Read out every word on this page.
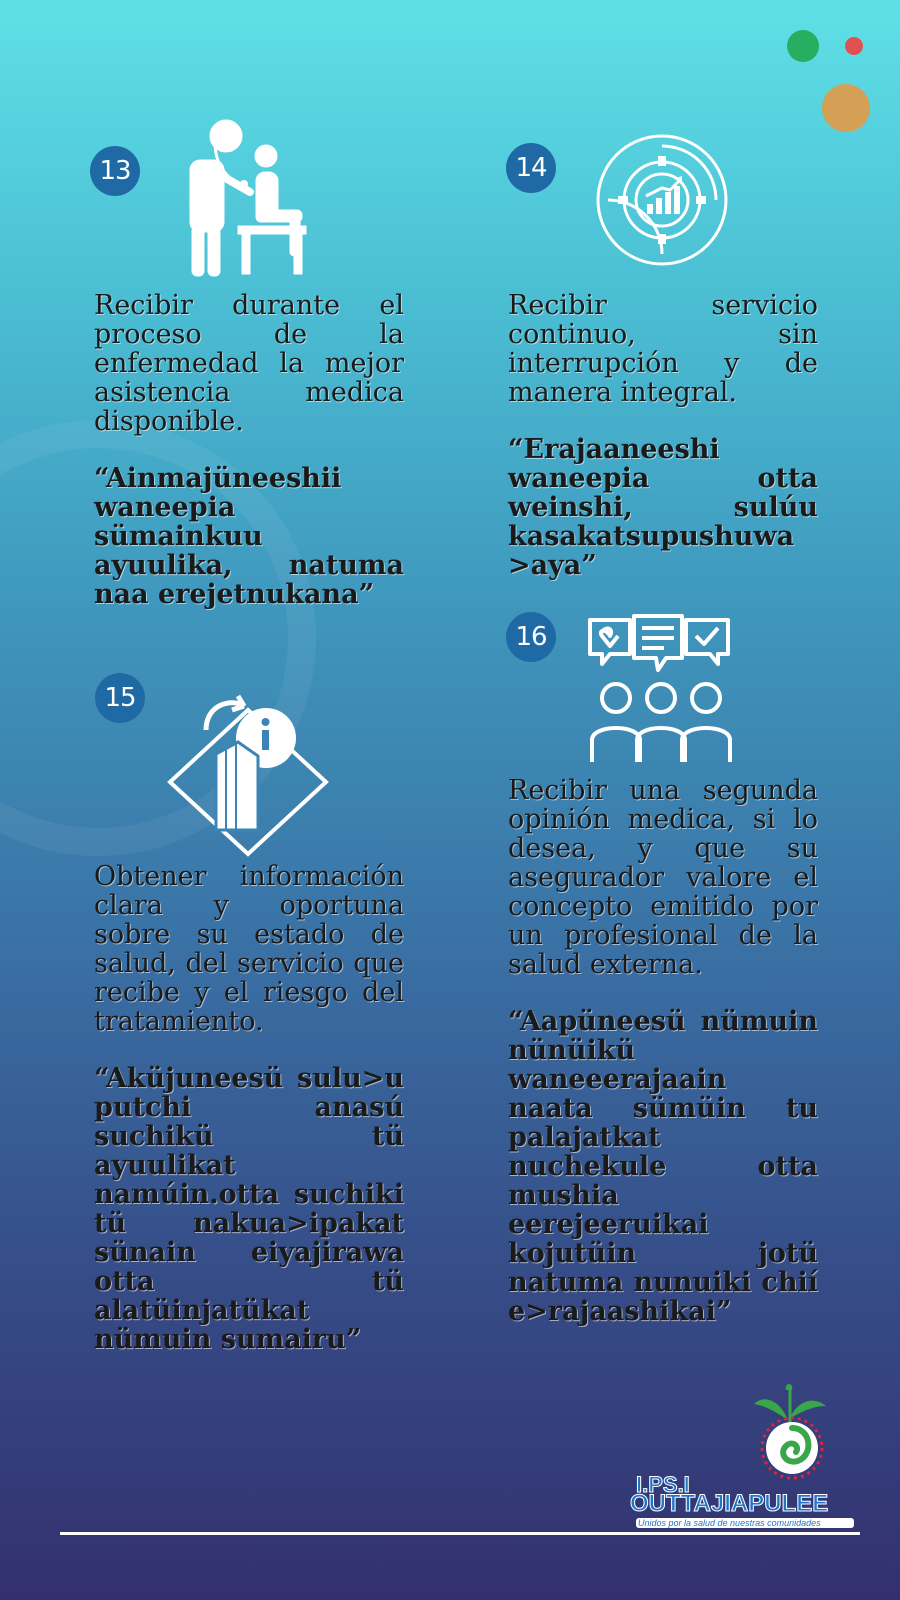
13

Recibir durante el proceso de la enfermedad la mejor asistencia medica disponible.

“Ainmajüneeshii waneepia sümainkuu ayuulika, natuma naa erejetnukana”

14

Recibir servicio continuo, sin interrupción y de manera integral.

“Erajaaneeshi waneepia otta weinshi, sulúu kasakatsupushuwa >aya”

15

Obtener información clara y oportuna sobre su estado de salud, del servicio que recibe y el riesgo del tratamiento.

“Aküjuneesü sulu>u putchi anasú suchikü tü ayuulikat namúin.otta suchiki tü nakua>ipakat sünain eiyajirawa otta tü alatüinjatükat nümuin sumairu”

16

Recibir una segunda opinión medica, si lo desea, y que su asegurador valore el concepto emitido por un profesional de la salud externa.

“Aapüneesü nümuin nünüikü waneeerajaain naata sümüin tu palajatkat nuchekule otta mushia eerejeeruikai kojutüin jotü natuma nunuiki chií e>rajaashikai”

I.PS.I
OUTTAJIAPULEE
Unidos por la salud de nuestras comunidades
